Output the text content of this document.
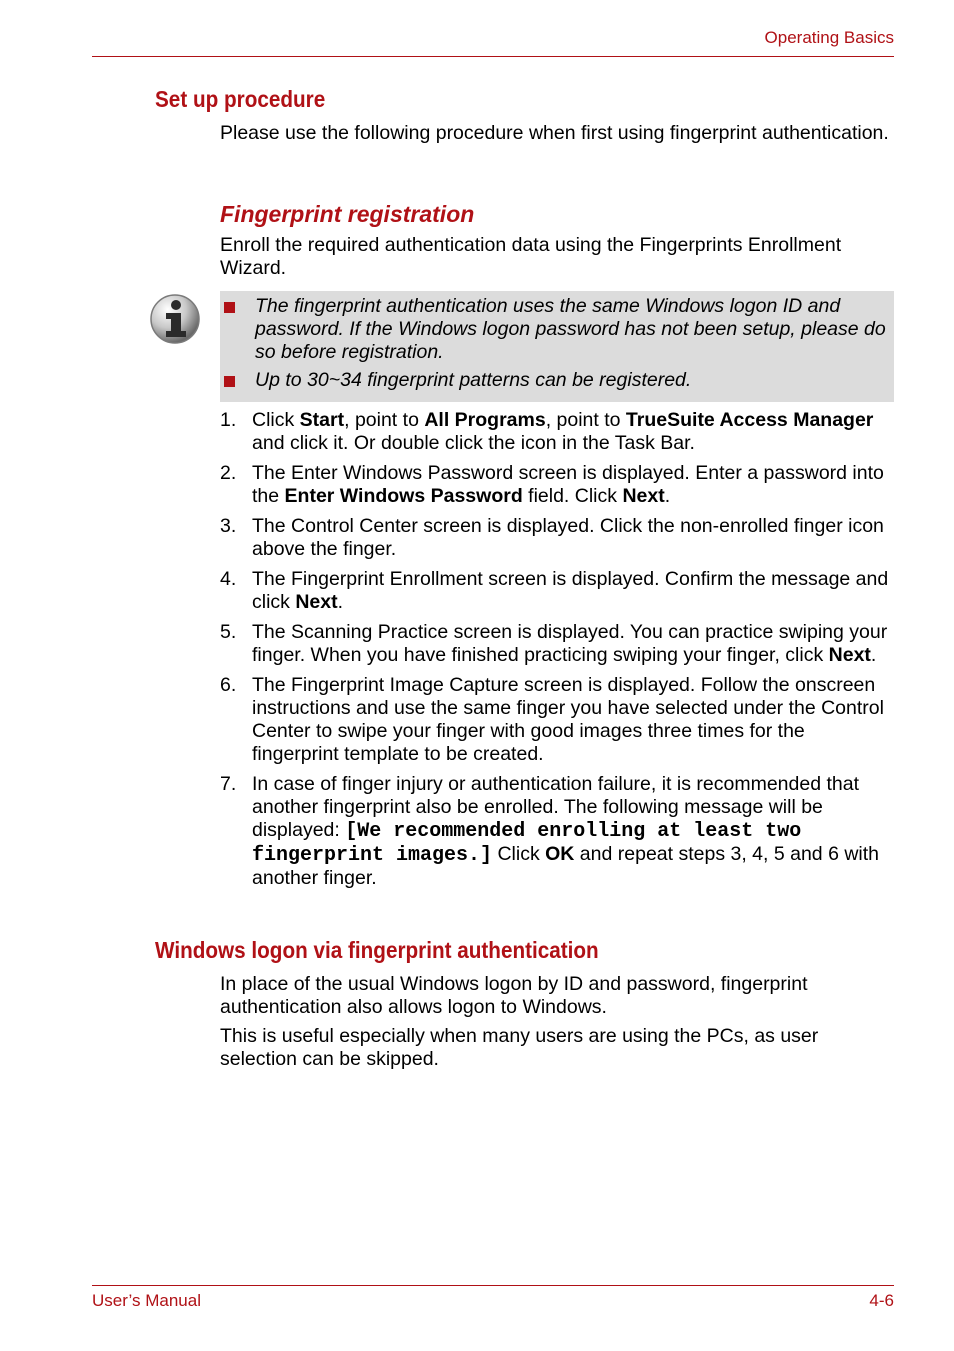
Operating Basics
Set up procedure
Please use the following procedure when first using fingerprint authentication.
Fingerprint registration
Enroll the required authentication data using the Fingerprints Enrollment Wizard.
The fingerprint authentication uses the same Windows logon ID and password. If the Windows logon password has not been setup, please do so before registration.
Up to 30~34 fingerprint patterns can be registered.
1. Click Start, point to All Programs, point to TrueSuite Access Manager and click it. Or double click the icon in the Task Bar.
2. The Enter Windows Password screen is displayed. Enter a password into the Enter Windows Password field. Click Next.
3. The Control Center screen is displayed. Click the non-enrolled finger icon above the finger.
4. The Fingerprint Enrollment screen is displayed. Confirm the message and click Next.
5. The Scanning Practice screen is displayed. You can practice swiping your finger. When you have finished practicing swiping your finger, click Next.
6. The Fingerprint Image Capture screen is displayed. Follow the onscreen instructions and use the same finger you have selected under the Control Center to swipe your finger with good images three times for the fingerprint template to be created.
7. In case of finger injury or authentication failure, it is recommended that another fingerprint also be enrolled. The following message will be displayed: [We recommended enrolling at least two fingerprint images.] Click OK and repeat steps 3, 4, 5 and 6 with another finger.
Windows logon via fingerprint authentication
In place of the usual Windows logon by ID and password, fingerprint authentication also allows logon to Windows.
This is useful especially when many users are using the PCs, as user selection can be skipped.
User’s Manual	4-6
